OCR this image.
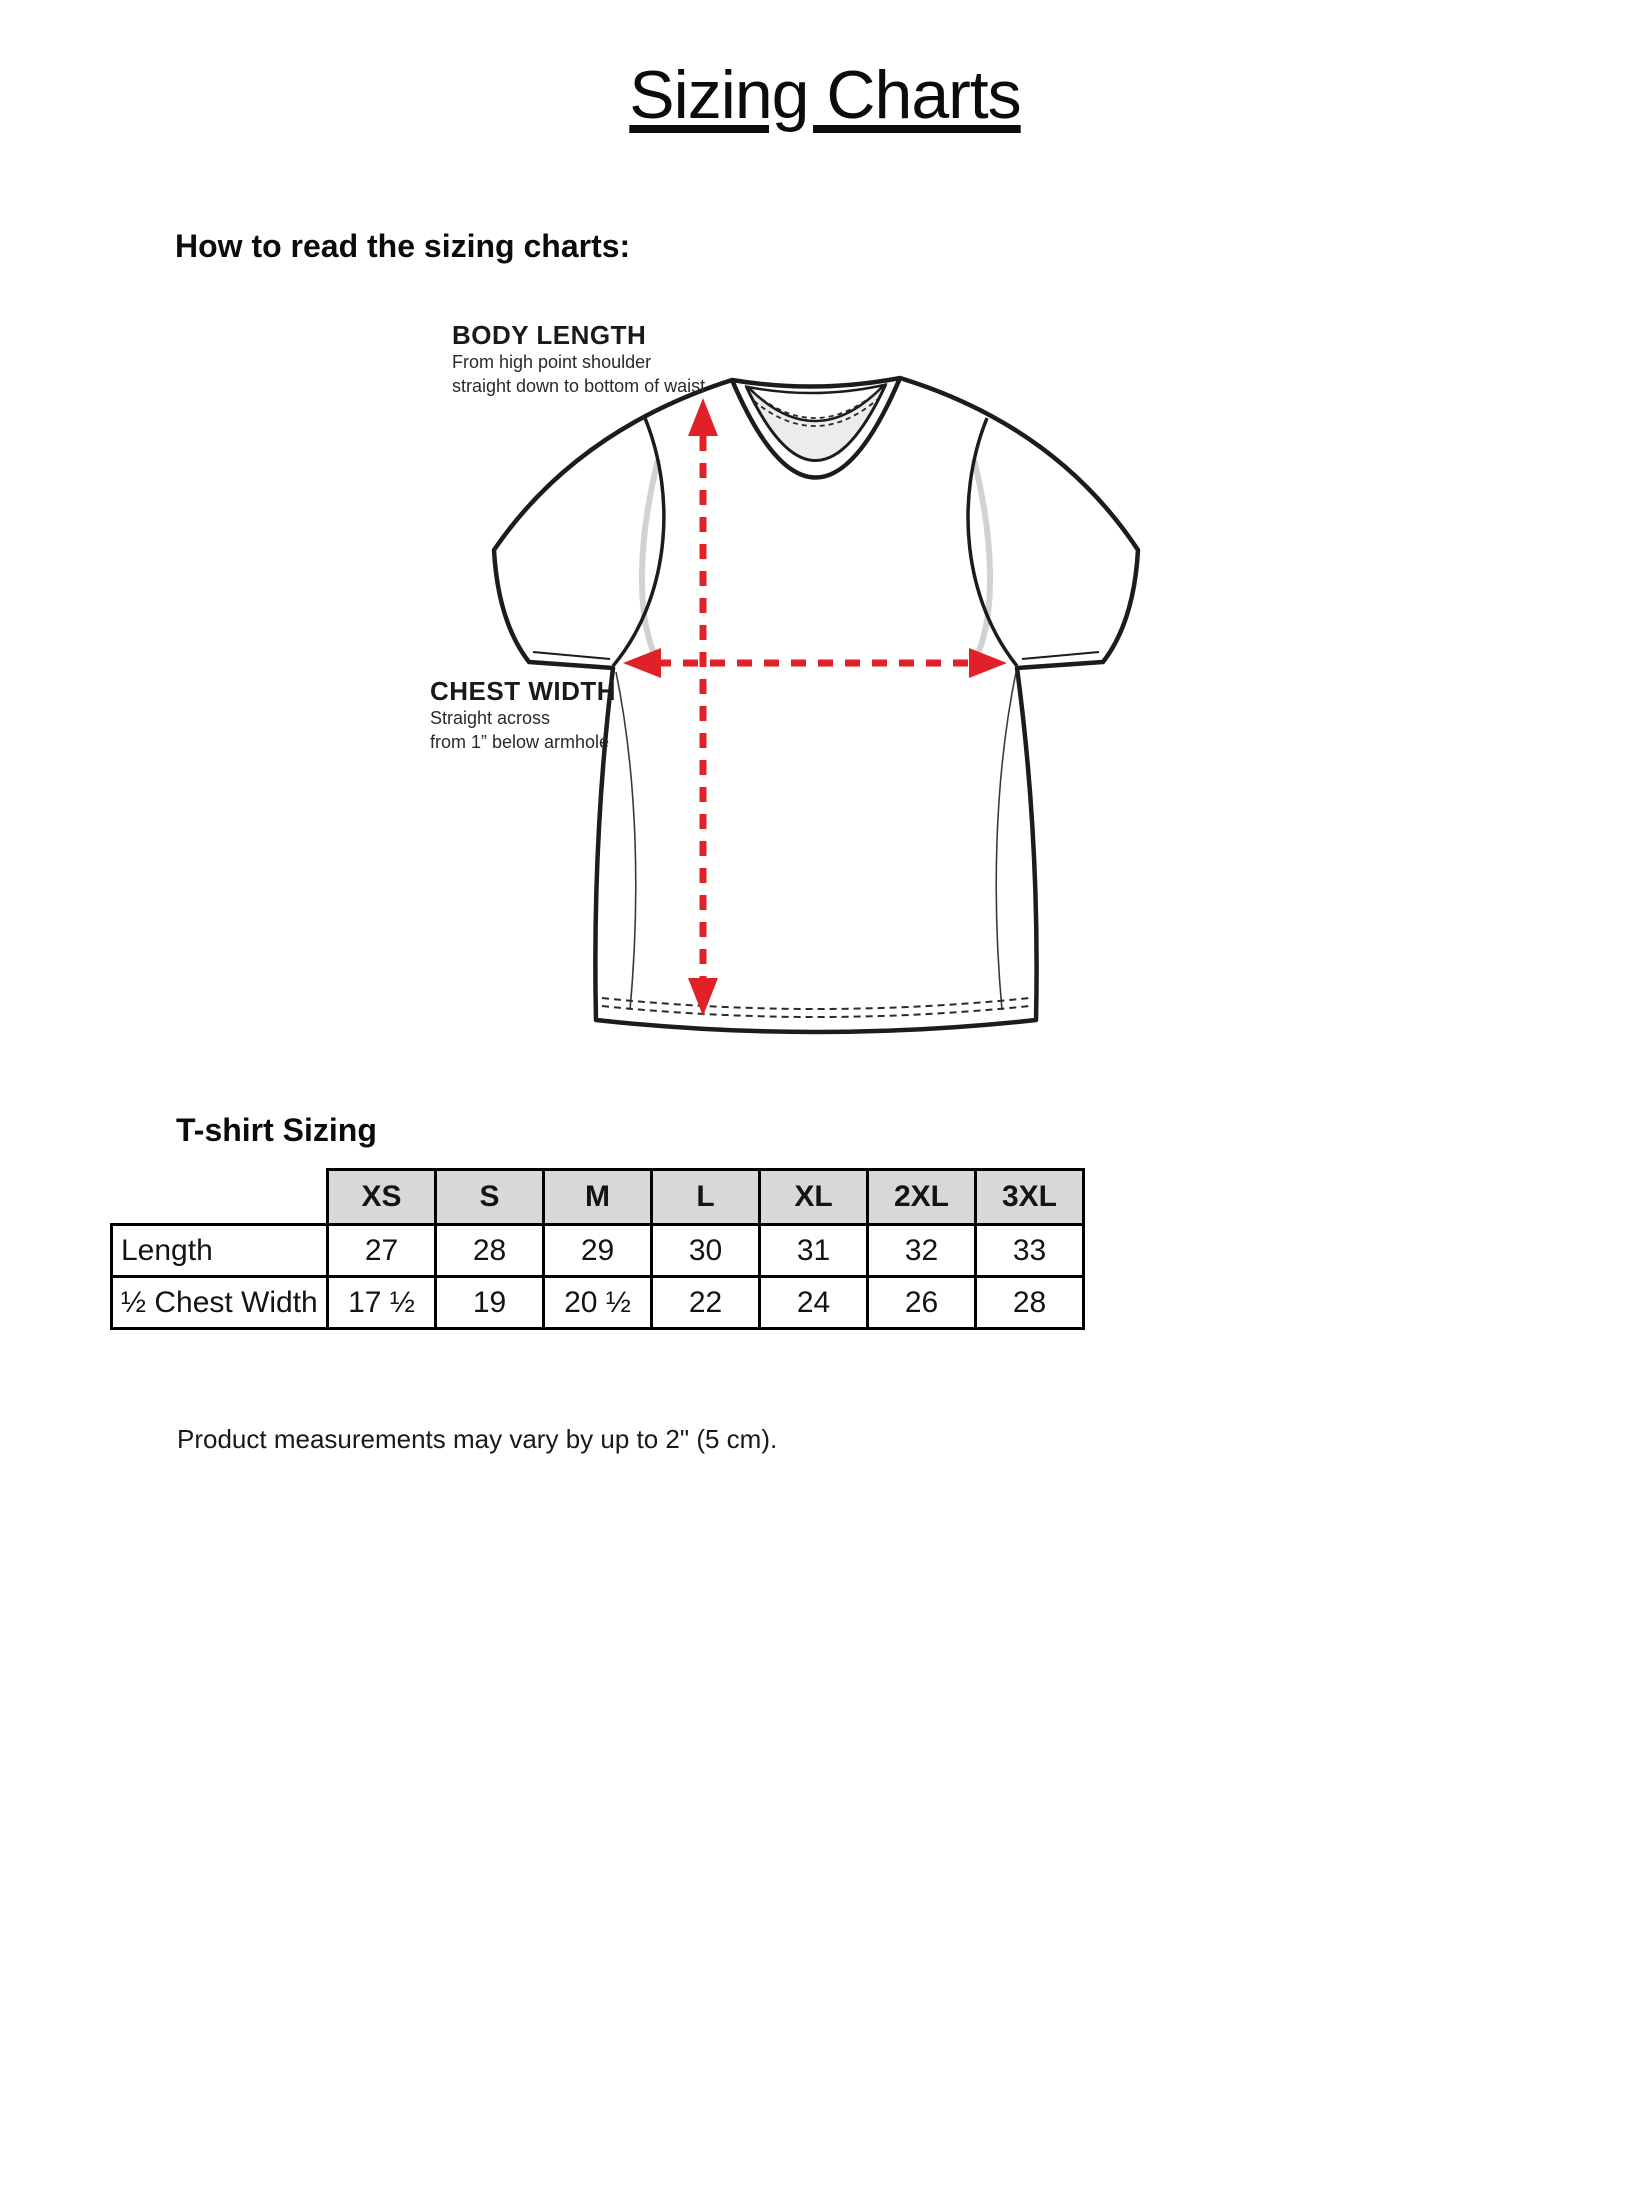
Sizing Charts
How to read the sizing charts:
BODY LENGTH
From high point shoulder
straight down to bottom of waist
CHEST WIDTH
Straight across
from 1” below armhole
T-shirt Sizing
	XS	S	M	L	XL	2XL	3XL
Length	27	28	29	30	31	32	33
½ Chest Width	17 ½	19	20 ½	22	24	26	28
Product measurements may vary by up to 2" (5 cm).
